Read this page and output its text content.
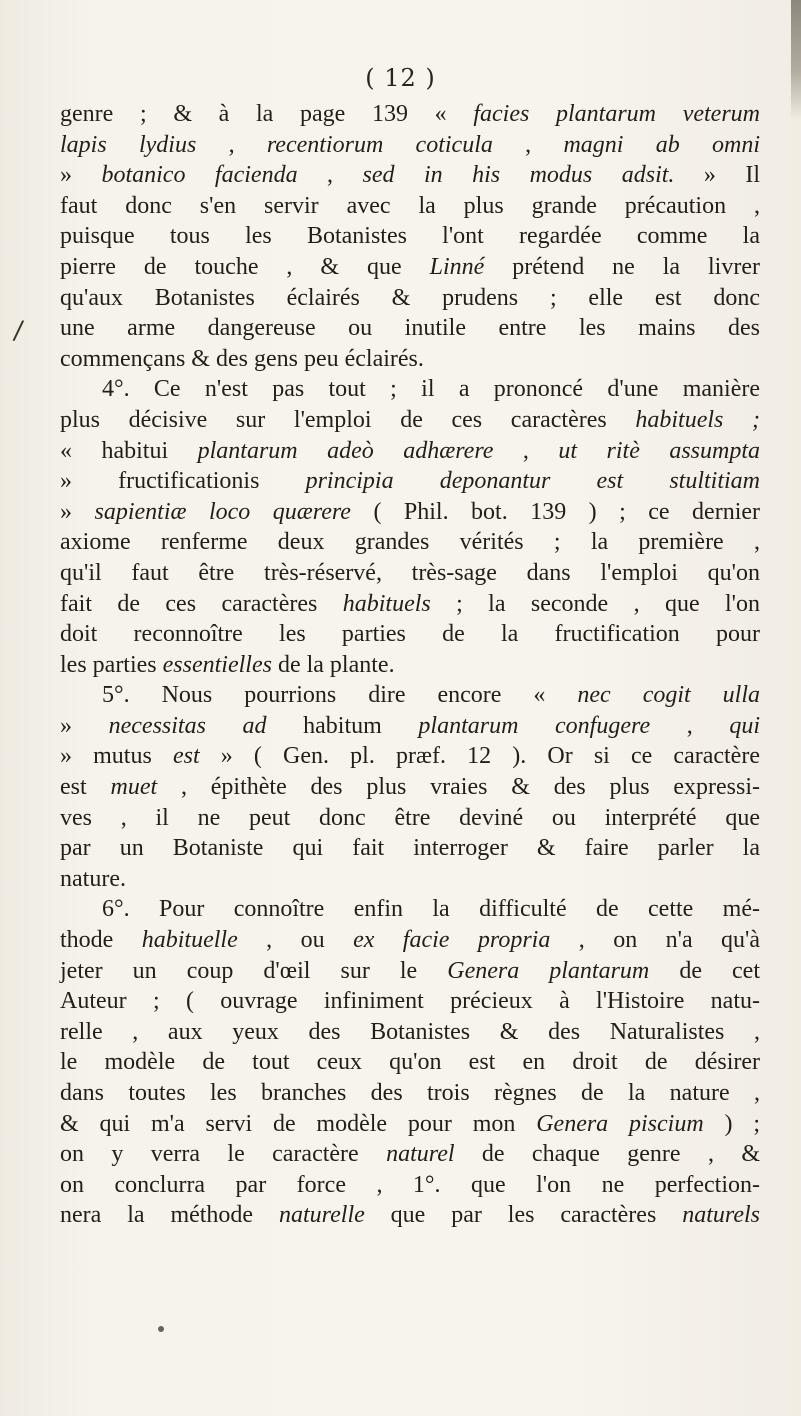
/
( 12 )
genre ; & à la page 139 « facies plantarum veterum
lapis lydius , recentiorum coticula , magni ab omni
» botanico facienda , sed in his modus adsit. » Il
faut donc s'en servir avec la plus grande précaution ,
puisque tous les Botanistes l'ont regardée comme la
pierre de touche , & que Linné prétend ne la livrer
qu'aux Botanistes éclairés & prudens ; elle est donc
une arme dangereuse ou inutile entre les mains des
commençans & des gens peu éclairés.
4°. Ce n'est pas tout ; il a prononcé d'une manière
plus décisive sur l'emploi de ces caractères habituels ;
« habitui plantarum adeò adhærere , ut ritè assumpta
» fructificationis principia deponantur est stultitiam
» sapientiæ loco quærere ( Phil. bot. 139 ) ; ce dernier
axiome renferme deux grandes vérités ; la première ,
qu'il faut être très-réservé, très-sage dans l'emploi qu'on
fait de ces caractères habituels ; la seconde , que l'on
doit reconnoître les parties de la fructification pour
les parties essentielles de la plante.
5°. Nous pourrions dire encore « nec cogit ulla
» necessitas ad habitum plantarum confugere , qui
» mutus est » ( Gen. pl. præf. 12 ). Or si ce caractère
est muet , épithète des plus vraies & des plus expressi-
ves , il ne peut donc être deviné ou interprété que
par un Botaniste qui fait interroger & faire parler la
nature.
6°. Pour connoître enfin la difficulté de cette mé-
thode habituelle , ou ex facie propria , on n'a qu'à
jeter un coup d'œil sur le Genera plantarum de cet
Auteur ; ( ouvrage infiniment précieux à l'Histoire natu-
relle , aux yeux des Botanistes & des Naturalistes ,
le modèle de tout ceux qu'on est en droit de désirer
dans toutes les branches des trois règnes de la nature ,
& qui m'a servi de modèle pour mon Genera piscium ) ;
on y verra le caractère naturel de chaque genre , &
on conclurra par force , 1°. que l'on ne perfection-
nera la méthode naturelle que par les caractères naturels
